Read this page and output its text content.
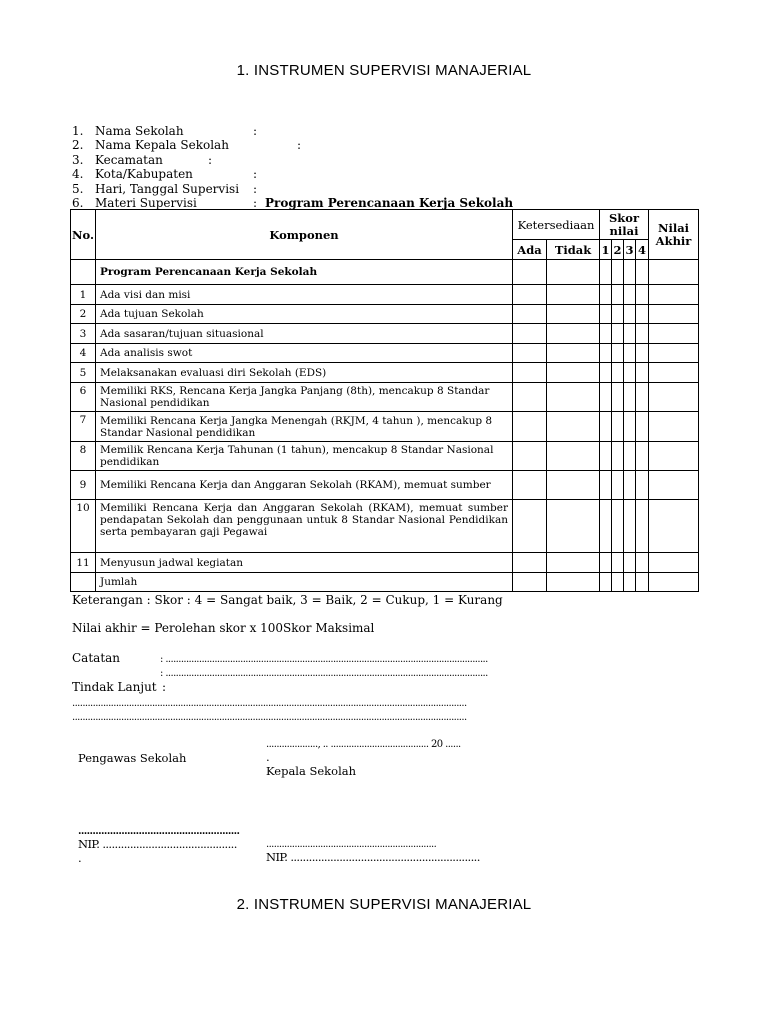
1. INSTRUMEN SUPERVISI MANAJERIAL
1. Nama Sekolah	:
2. Nama Kepala Sekolah	:
3. Kecamatan	:
4. Kota/Kabupaten	:
5. Hari, Tanggal Supervisi :
6. Materi Supervisi	: Program Perencanaan Kerja Sekolah
No.	Komponen	Ketersediaan		Skor nilai				Nilai Akhir
		Ada	Tidak	1	2	3	4	
	Program Perencanaan Kerja Sekolah							
1	Ada visi dan misi							
2	Ada tujuan Sekolah							
3	Ada sasaran/tujuan situasional							
4	Ada analisis swot							
5	Melaksanakan evaluasi diri Sekolah (EDS)							
6	Memiliki RKS, Rencana Kerja Jangka Panjang (8th), mencakup 8 Standar Nasional pendidikan							
7	Memiliki Rencana Kerja Jangka Menengah (RKJM, 4 tahun ), mencakup 8 Standar Nasional pendidikan							
8	Memilik Rencana Kerja Tahunan (1 tahun), mencakup 8 Standar Nasional pendidikan							
9	Memiliki Rencana Kerja dan Anggaran Sekolah (RKAM), memuat sumber							
10	Memiliki Rencana Kerja dan Anggaran Sekolah (RKAM), memuat sumber pendapatan Sekolah dan penggunaan untuk 8 Standar Nasional Pendidikan serta pembayaran gaji Pegawai							
11	Menyusun jadwal kegiatan							
	Jumlah							
Keterangan : Skor : 4 = Sangat baik, 3 = Baik, 2 = Cukup, 1 = Kurang
Nilai akhir = Perolehan skor x 100Skor Maksimal
Catatan	: .............................................................................................................................
: .............................................................................................................................
Tindak Lanjut :
.........................................................................................................................................................
.........................................................................................................................................................
...................., .. ...................................... 20 ......
.
Pengawas Sekolah
Kepala Sekolah
........................................................
NIP. ............................................
.
..................................................................
NIP. ..............................................................
2. INSTRUMEN SUPERVISI MANAJERIAL
